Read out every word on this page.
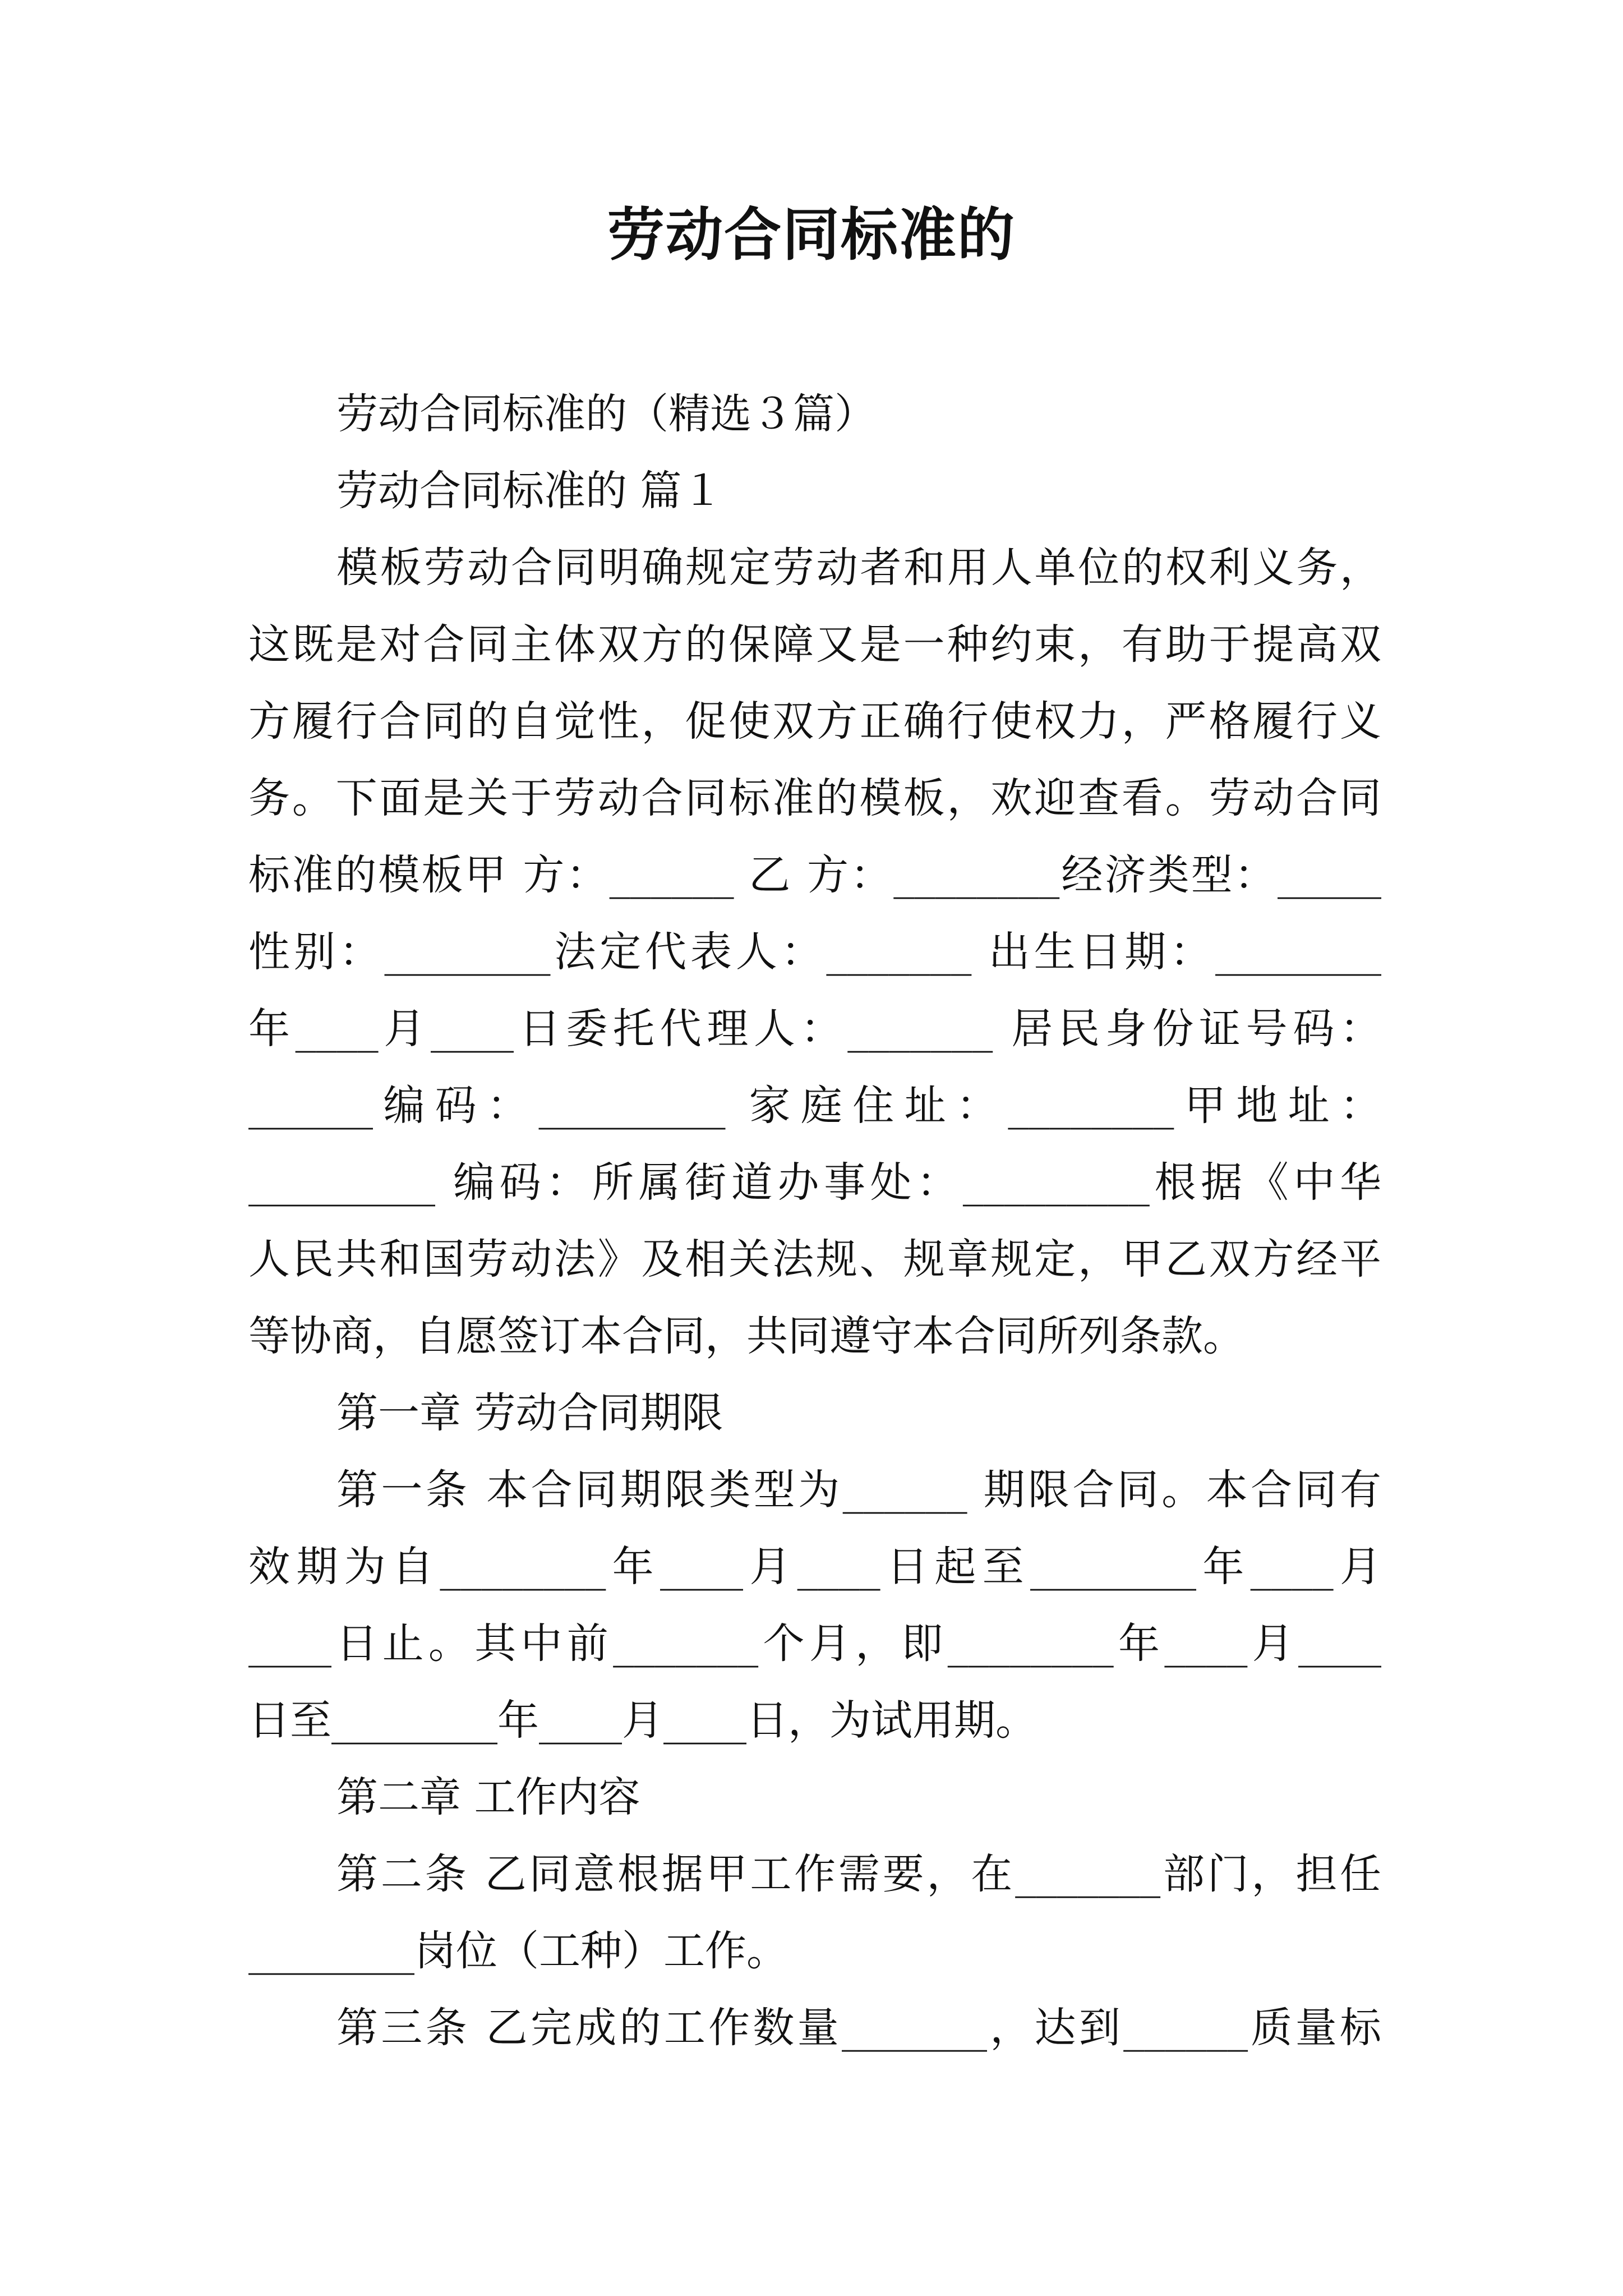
劳动合同标准的
劳动合同标准的（精选３篇）
劳动合同标准的 篇１
模板劳动合同明确规定劳动者和用人单位的权利义务，
这既是对合同主体双方的保障又是一种约束，有助于提高双
方履行合同的自觉性，促使双方正确行使权力，严格履行义
务。下面是关于劳动合同标准的模板，欢迎查看。劳动合同
标准的模板甲 方：______ 乙 方：________经济类型：_____
性别：________法定代表人：_______ 出生日期：________
年____月____日委托代理人：_______ 居民身份证号码：
______编码：_________ 家庭住址：________甲地址：
_________ 编码：所属街道办事处：_________根据《中华
人民共和国劳动法》及相关法规、规章规定，甲乙双方经平
等协商，自愿签订本合同，共同遵守本合同所列条款。
第一章 劳动合同期限
第一条 本合同期限类型为______ 期限合同。本合同有
效期为自________年____月____日起至________年____月
____日止。其中前_______个月，即________年____月____
日至________年____月____日，为试用期。
第二章 工作内容
第二条 乙同意根据甲工作需要，在_______部门，担任
________岗位（工种）工作。
第三条 乙完成的工作数量_______，达到______质量标
